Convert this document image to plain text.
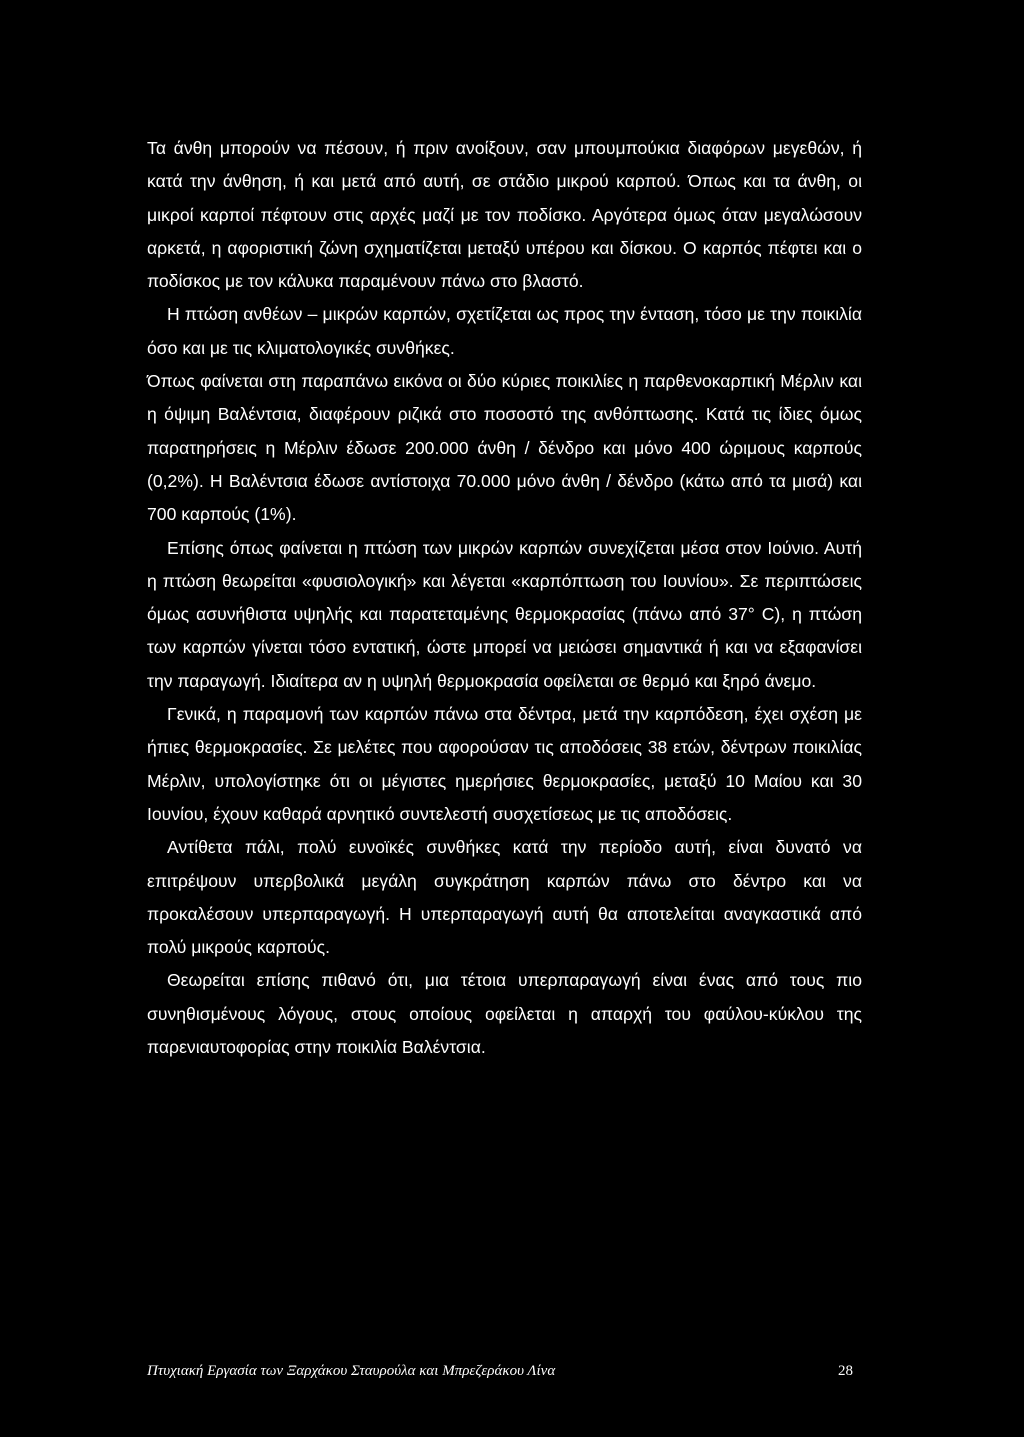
Τα άνθη μπορούν να πέσουν, ή πριν ανοίξουν, σαν μπουμπούκια διαφόρων μεγεθών, ή κατά την άνθηση, ή και μετά από αυτή, σε στάδιο μικρού καρπού. Όπως και τα άνθη, οι μικροί καρποί πέφτουν στις αρχές μαζί με τον ποδίσκο. Αργότερα όμως όταν μεγαλώσουν αρκετά, η αφοριστική ζώνη σχηματίζεται μεταξύ υπέρου και δίσκου. Ο καρπός πέφτει και ο ποδίσκος με τον κάλυκα παραμένουν πάνω στο βλαστό.

Η πτώση ανθέων – μικρών καρπών, σχετίζεται ως προς την ένταση, τόσο με την ποικιλία όσο και με τις κλιματολογικές συνθήκες.

Όπως φαίνεται στη παραπάνω εικόνα οι δύο κύριες ποικιλίες η παρθενοκαρπική Μέρλιν και η όψιμη Βαλέντσια, διαφέρουν ριζικά στο ποσοστό της ανθόπτωσης. Κατά τις ίδιες όμως παρατηρήσεις η Μέρλιν έδωσε 200.000 άνθη / δένδρο και μόνο 400 ώριμους καρπούς (0,2%). Η Βαλέντσια έδωσε αντίστοιχα 70.000 μόνο άνθη / δένδρο (κάτω από τα μισά) και 700 καρπούς (1%).

Επίσης όπως φαίνεται η πτώση των μικρών καρπών συνεχίζεται μέσα στον Ιούνιο. Αυτή η πτώση θεωρείται «φυσιολογική» και λέγεται «καρπόπτωση του Ιουνίου». Σε περιπτώσεις όμως ασυνήθιστα υψηλής και παρατεταμένης θερμοκρασίας (πάνω από 37° C), η πτώση των καρπών γίνεται τόσο εντατική, ώστε μπορεί να μειώσει σημαντικά ή και να εξαφανίσει την παραγωγή. Ιδιαίτερα αν η υψηλή θερμοκρασία οφείλεται σε θερμό και ξηρό άνεμο.

Γενικά, η παραμονή των καρπών πάνω στα δέντρα, μετά την καρπόδεση, έχει σχέση με ήπιες θερμοκρασίες. Σε μελέτες που αφορούσαν τις αποδόσεις 38 ετών, δέντρων ποικιλίας Μέρλιν, υπολογίστηκε ότι οι μέγιστες ημερήσιες θερμοκρασίες, μεταξύ 10 Μαίου και 30 Ιουνίου, έχουν καθαρά αρνητικό συντελεστή συσχετίσεως με τις αποδόσεις.

Αντίθετα πάλι, πολύ ευνοϊκές συνθήκες κατά την περίοδο αυτή, είναι δυνατό να επιτρέψουν υπερβολικά μεγάλη συγκράτηση καρπών πάνω στο δέντρο και να προκαλέσουν υπερπαραγωγή. Η υπερπαραγωγή αυτή θα αποτελείται αναγκαστικά από πολύ μικρούς καρπούς.

Θεωρείται επίσης πιθανό ότι, μια τέτοια υπερπαραγωγή είναι ένας από τους πιο συνηθισμένους λόγους, στους οποίους οφείλεται η απαρχή του φαύλου-κύκλου της παρενιαυτοφορίας στην ποικιλία Βαλέντσια.

Πτυχιακή Εργασία των Ξαρχάκου Σταυρούλα και Μπρεζεράκου Λίνα	28
